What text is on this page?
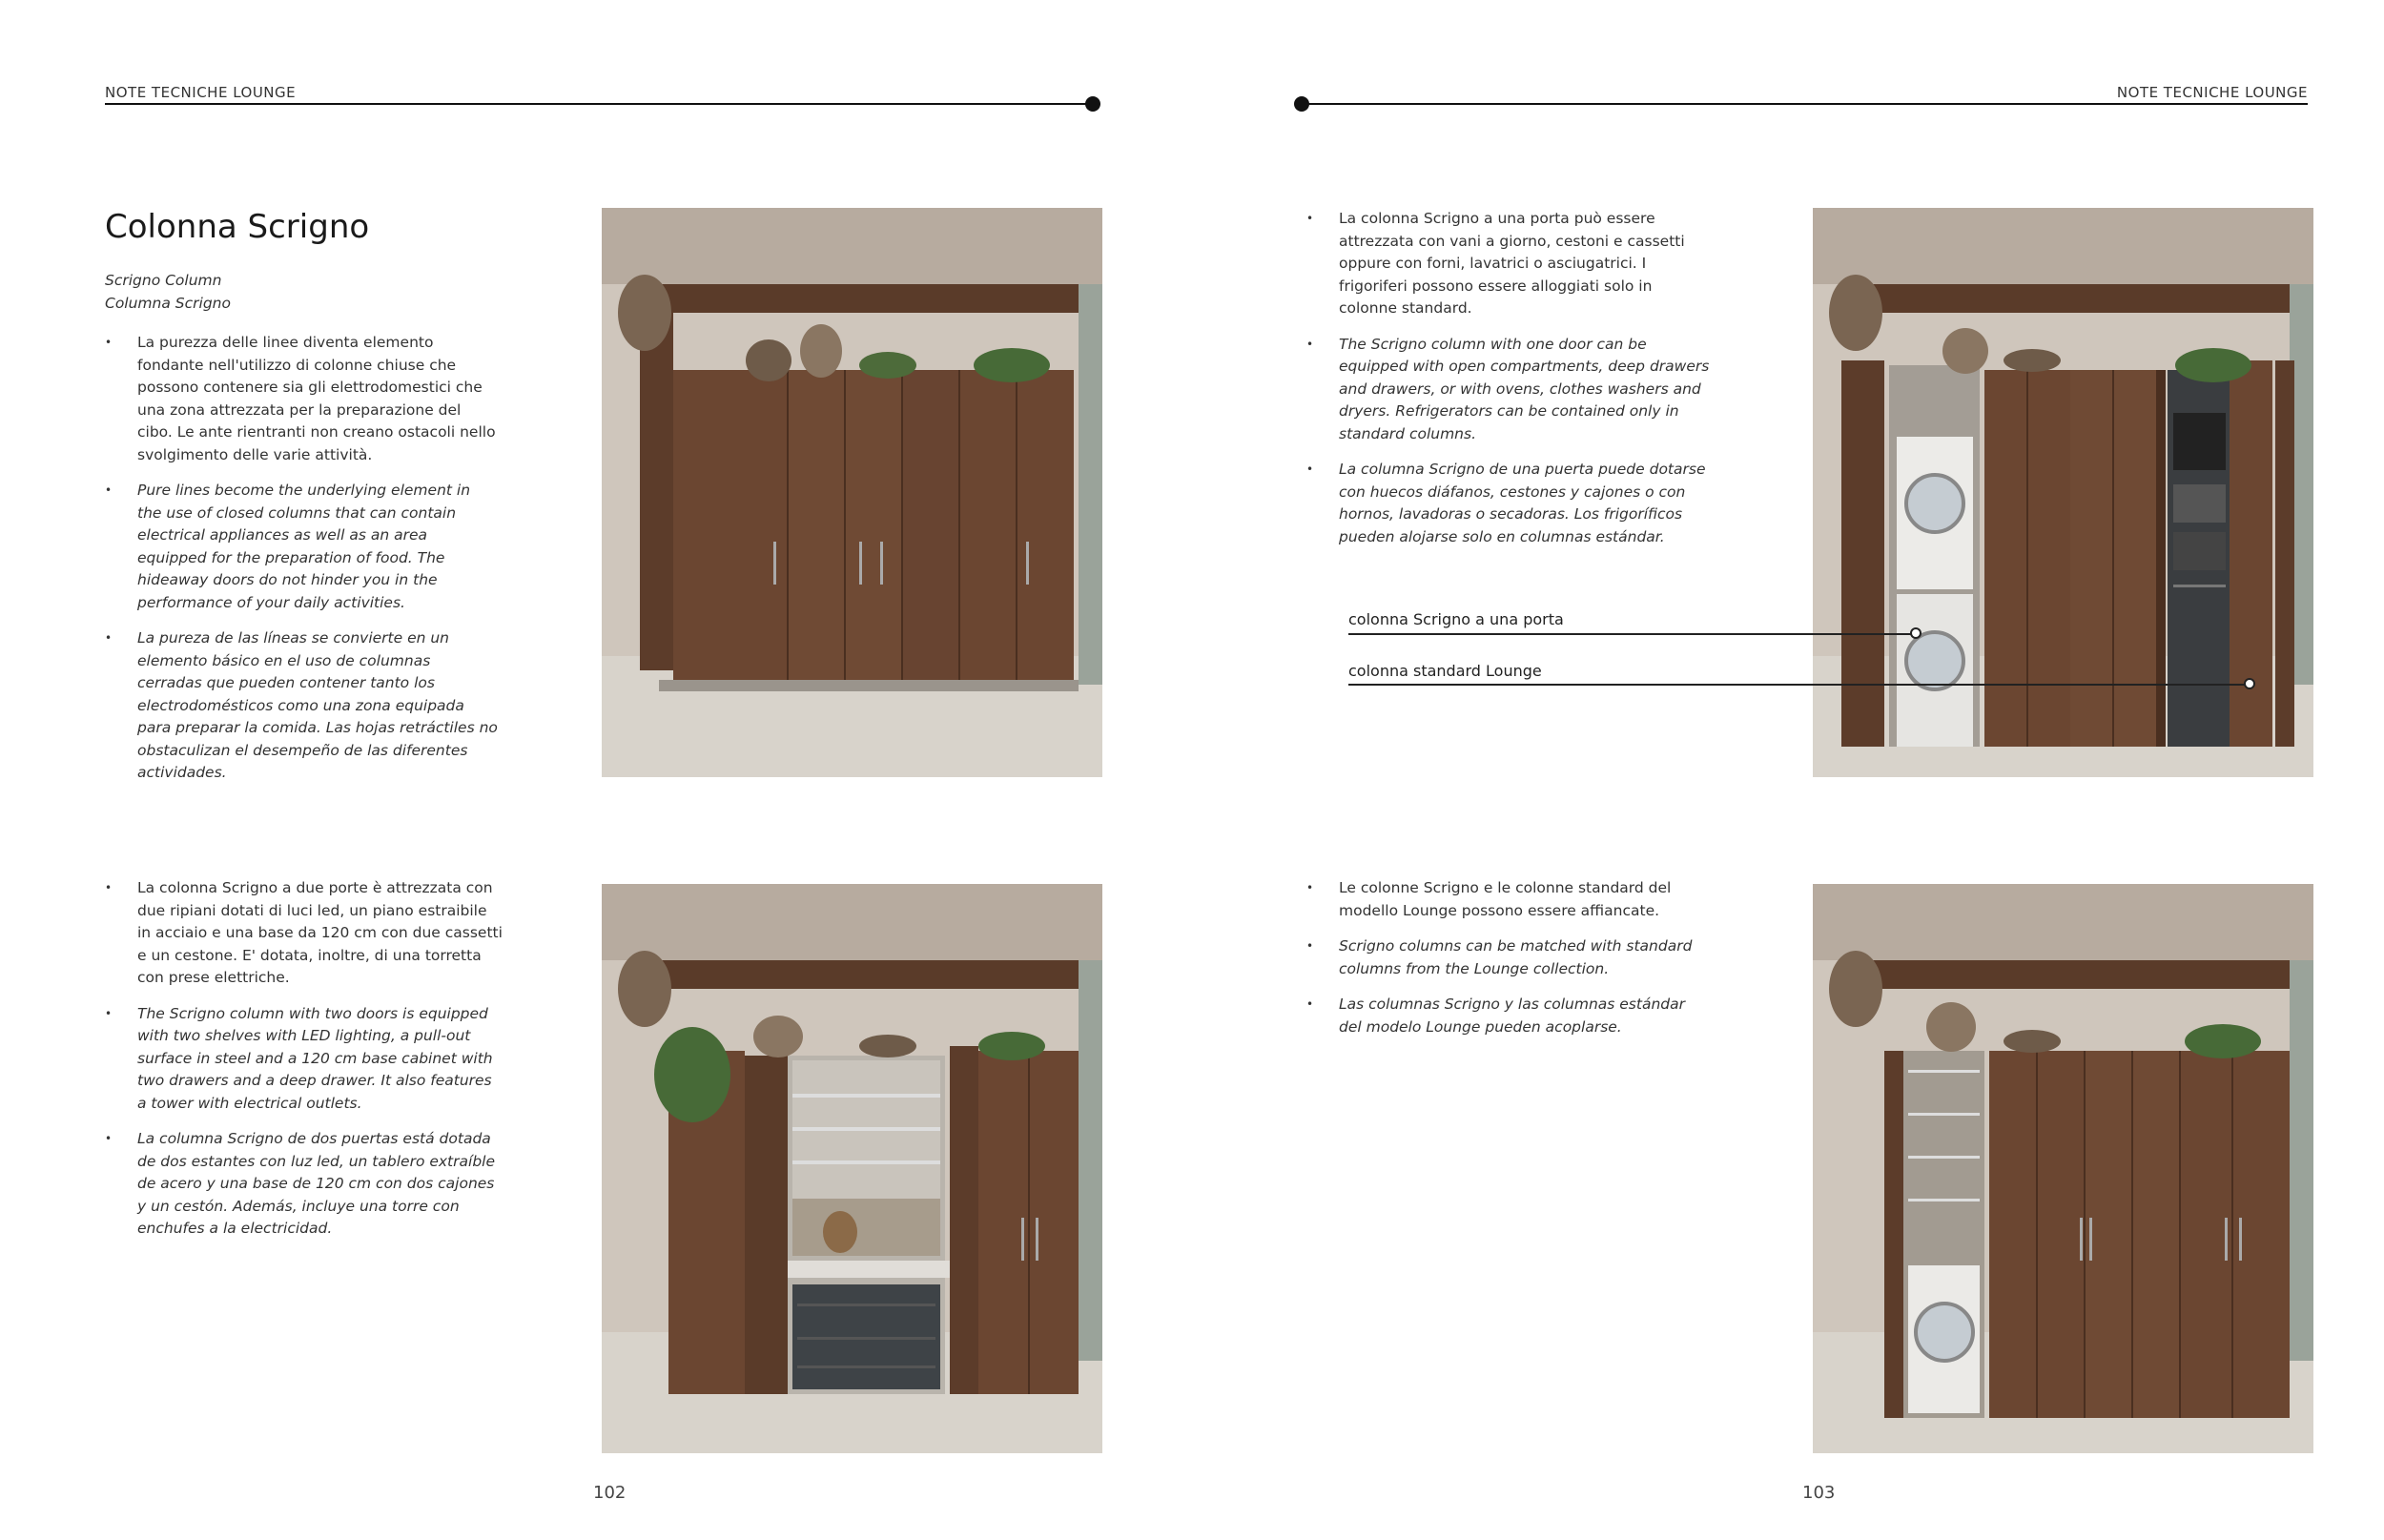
NOTE TECNICHE LOUNGE	NOTE TECNICHE LOUNGE
Colonna Scrigno
Scrigno Column
Columna Scrigno
• La purezza delle linee diventa elemento fondante nell'utilizzo di colonne chiuse che possono contenere sia gli elettrodomestici che una zona attrezzata per la preparazione del cibo. Le ante rientranti non creano ostacoli nello svolgimento delle varie attività.
• Pure lines become the underlying element in the use of closed columns that can contain electrical appliances as well as an area equipped for the preparation of food. The hideaway doors do not hinder you in the performance of your daily activities.
• La pureza de las líneas se convierte en un elemento básico en el uso de columnas cerradas que pueden contener tanto los electrodomésticos como una zona equipada para preparar la comida. Las hojas retráctiles no obstaculizan el desempeño de las diferentes actividades.
• La colonna Scrigno a due porte è attrezzata con due ripiani dotati di luci led, un piano estraibile in acciaio e una base da 120 cm con due cassetti e un cestone. E' dotata, inoltre, di una torretta con prese elettriche.
• The Scrigno column with two doors is equipped with two shelves with LED lighting, a pull-out surface in steel and a 120 cm base cabinet with two drawers and a deep drawer. It also features a tower with electrical outlets.
• La columna Scrigno de dos puertas está dotada de dos estantes con luz led, un tablero extraíble de acero y una base de 120 cm con dos cajones y un cestón. Además, incluye una torre con enchufes a la electricidad.
• La colonna Scrigno a una porta può essere attrezzata con vani a giorno, cestoni e cassetti oppure con forni, lavatrici o asciugatrici. I frigoriferi possono essere alloggiati solo in colonne standard.
• The Scrigno column with one door can be equipped with open compartments, deep drawers and drawers, or with ovens, clothes washers and dryers. Refrigerators can be contained only in standard columns.
• La columna Scrigno de una puerta puede dotarse con huecos diáfanos, cestones y cajones o con hornos, lavadoras o secadoras. Los frigoríficos pueden alojarse solo en columnas estándar.
• Le colonne Scrigno e le colonne standard del modello Lounge possono essere affiancate.
• Scrigno columns can be matched with standard columns from the Lounge collection.
• Las columnas Scrigno y las columnas estándar del modelo Lounge pueden acoplarse.
colonna Scrigno a una porta
colonna standard Lounge
102	103
